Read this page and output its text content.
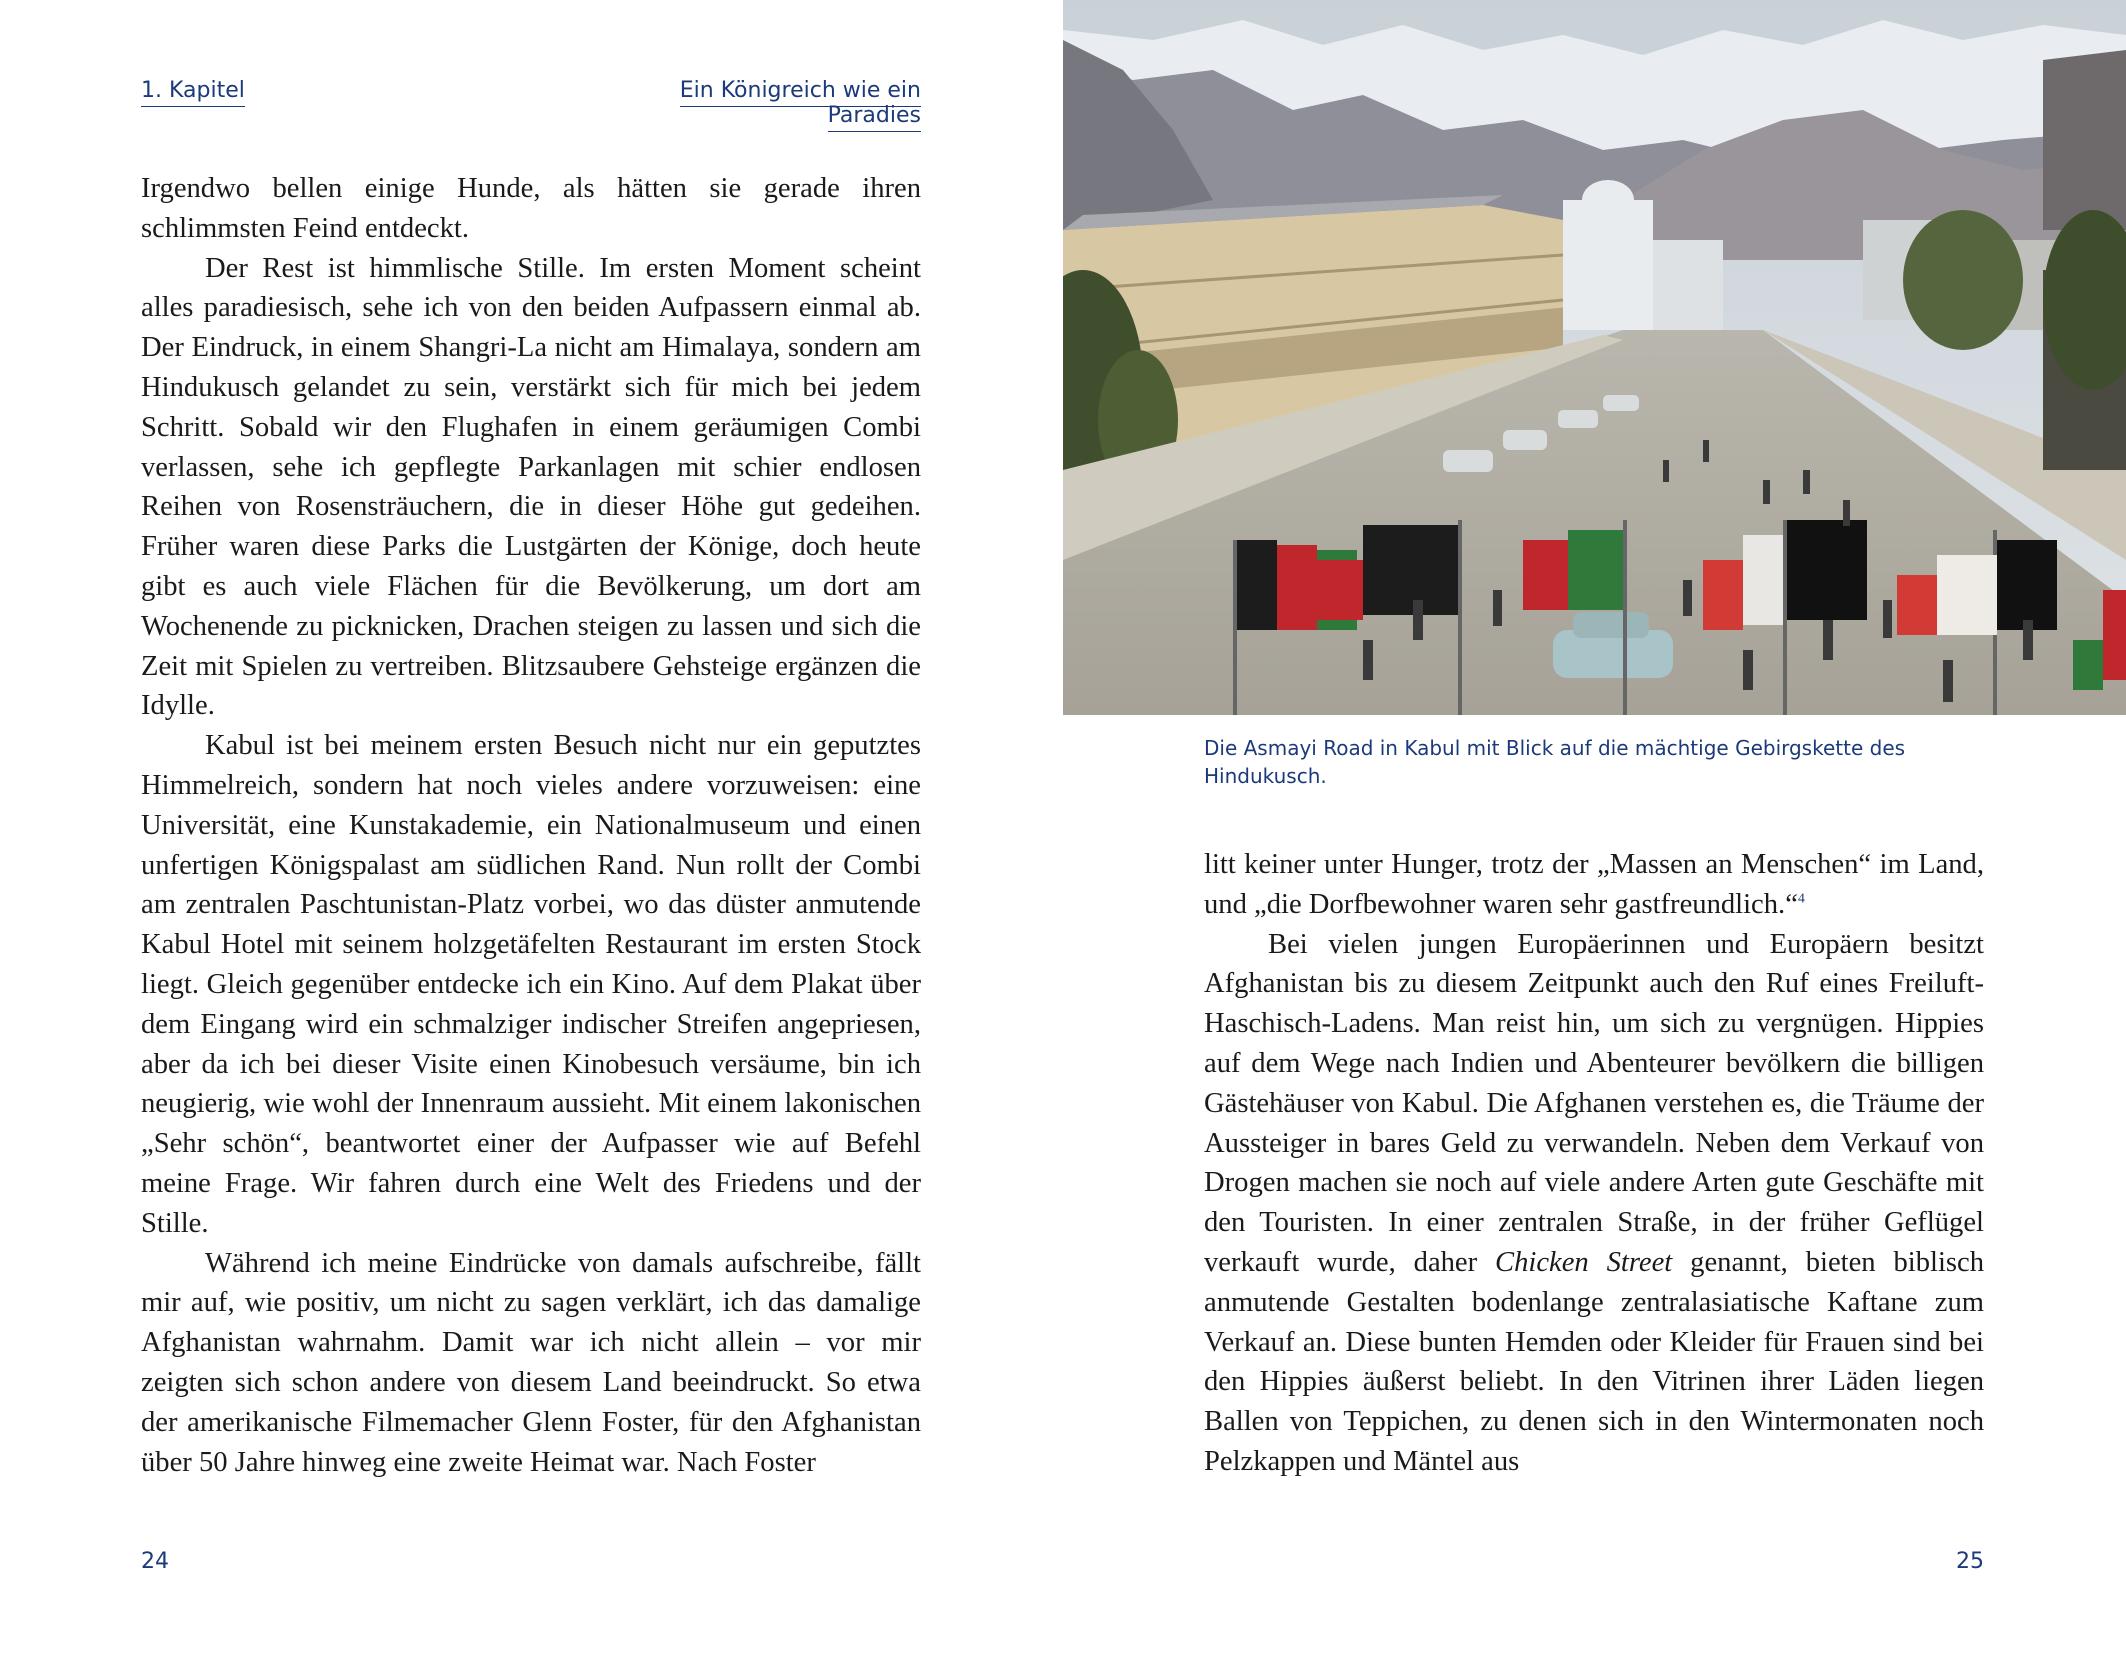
1. Kapitel

Irgendwo bellen einige Hunde, als hätten sie gerade ihren schlimmsten Feind entdeckt.

Der Rest ist himmlische Stille. Im ersten Moment scheint alles paradiesisch, sehe ich von den beiden Aufpassern einmal ab. Der Eindruck, in einem Shangri-La nicht am Himalaya, sondern am Hindukusch gelandet zu sein, verstärkt sich für mich bei jedem Schritt. Sobald wir den Flughafen in einem geräumigen Combi verlassen, sehe ich gepflegte Parkanlagen mit schier endlosen Reihen von Rosensträuchern, die in dieser Höhe gut gedeihen. Früher waren diese Parks die Lustgärten der Könige, doch heute gibt es auch viele Flächen für die Bevölkerung, um dort am Wochenende zu picknicken, Drachen steigen zu lassen und sich die Zeit mit Spielen zu vertreiben. Blitzsaubere Gehsteige ergänzen die Idylle.

Kabul ist bei meinem ersten Besuch nicht nur ein geputztes Himmelreich, sondern hat noch vieles andere vorzuweisen: eine Universität, eine Kunstakademie, ein Nationalmuseum und einen unfertigen Königspalast am südlichen Rand. Nun rollt der Combi am zentralen Paschtunistan-Platz vorbei, wo das düster anmutende Kabul Hotel mit seinem holzgetäfelten Restaurant im ersten Stock liegt. Gleich gegenüber entdecke ich ein Kino. Auf dem Plakat über dem Eingang wird ein schmalziger indischer Streifen angepriesen, aber da ich bei dieser Visite einen Kinobesuch versäume, bin ich neugierig, wie wohl der Innenraum aussieht. Mit einem lakonischen „Sehr schön“, beantwortet einer der Aufpasser wie auf Befehl meine Frage. Wir fahren durch eine Welt des Friedens und der Stille.

Während ich meine Eindrücke von damals aufschreibe, fällt mir auf, wie positiv, um nicht zu sagen verklärt, ich das damalige Afghanistan wahrnahm. Damit war ich nicht allein – vor mir zeigten sich schon andere von diesem Land beeindruckt. So etwa der amerikanische Filmemacher Glenn Foster, für den Afghanistan über 50 Jahre hinweg eine zweite Heimat war. Nach Foster

24
Die Asmayi Road in Kabul mit Blick auf die mächtige Gebirgskette des Hindukusch.

litt keiner unter Hunger, trotz der „Massen an Menschen“ im Land, und „die Dorfbewohner waren sehr gastfreundlich.“$^4$

Bei vielen jungen Europäerinnen und Europäern besitzt Afghanistan bis zu diesem Zeitpunkt auch den Ruf eines Freiluft-Haschisch-Ladens. Man reist hin, um sich zu vergnügen. Hippies auf dem Wege nach Indien und Abenteurer bevölkern die billigen Gästehäuser von Kabul. Die Afghanen verstehen es, die Träume der Aussteiger in bares Geld zu verwandeln. Neben dem Verkauf von Drogen machen sie noch auf viele andere Arten gute Geschäfte mit den Touristen. In einer zentralen Straße, in der früher Geflügel verkauft wurde, daher Chicken Street genannt, bieten biblisch anmutende Gestalten bodenlange zentralasiatische Kaftane zum Verkauf an. Diese bunten Hemden oder Kleider für Frauen sind bei den Hippies äußerst beliebt. In den Vitrinen ihrer Läden liegen Ballen von Teppichen, zu denen sich in den Wintermonaten noch Pelzkappen und Mäntel aus

25
Ein Königreich wie ein Paradies
